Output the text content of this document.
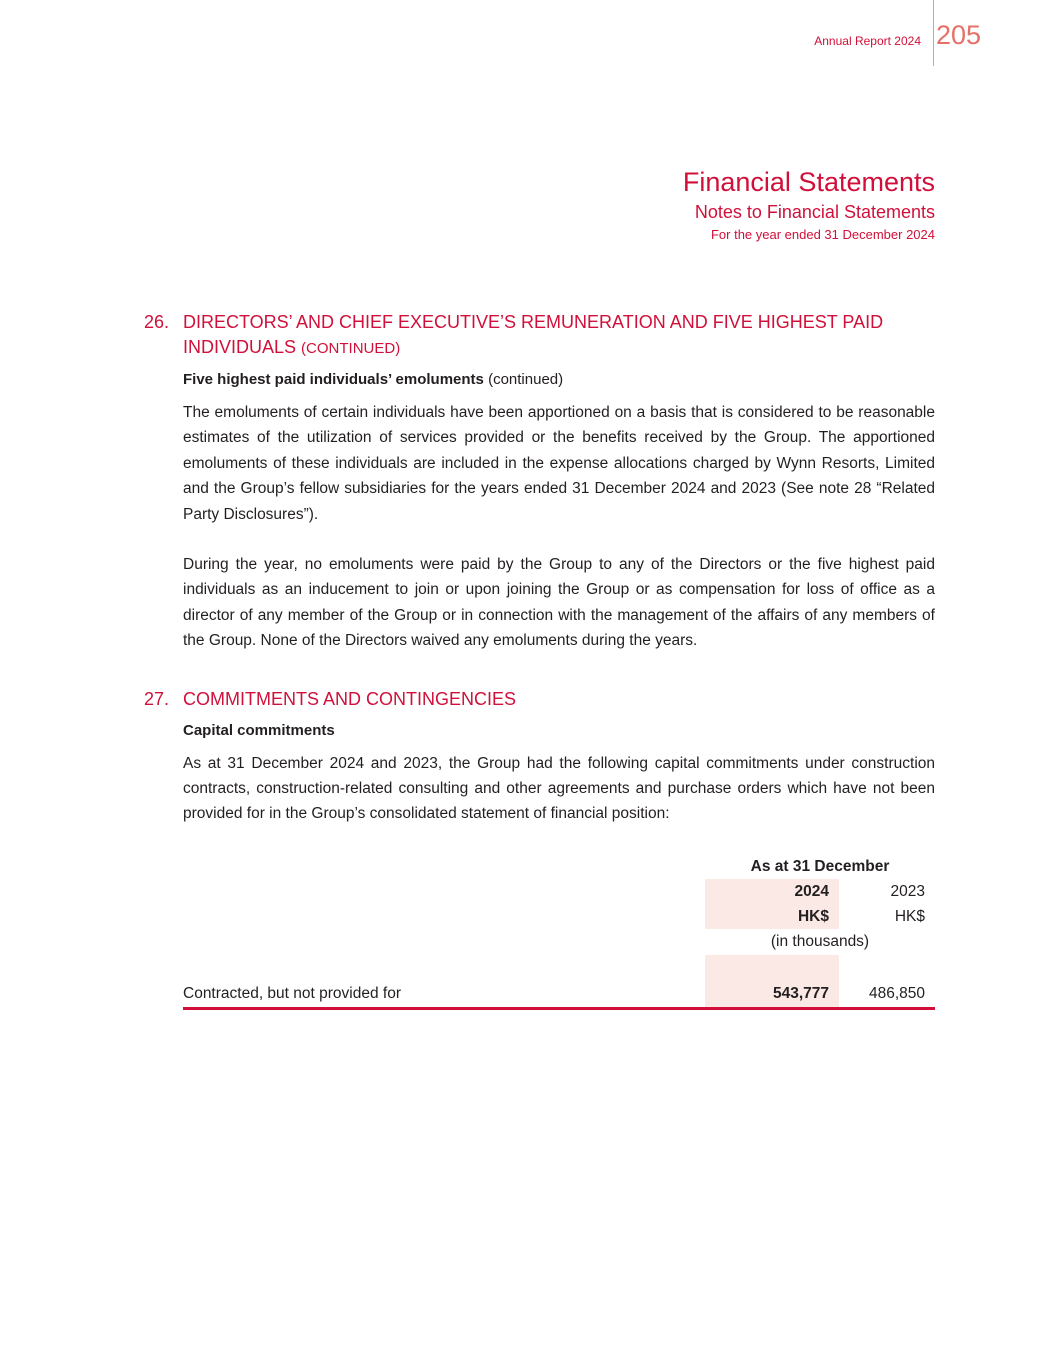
Annual Report 2024 205
Financial Statements
Notes to Financial Statements
For the year ended 31 December 2024
26. DIRECTORS’ AND CHIEF EXECUTIVE’S REMUNERATION AND FIVE HIGHEST PAID INDIVIDUALS (CONTINUED)
Five highest paid individuals’ emoluments (continued)

The emoluments of certain individuals have been apportioned on a basis that is considered to be reasonable estimates of the utilization of services provided or the benefits received by the Group. The apportioned emoluments of these individuals are included in the expense allocations charged by Wynn Resorts, Limited and the Group’s fellow subsidiaries for the years ended 31 December 2024 and 2023 (See note 28 “Related Party Disclosures”).

During the year, no emoluments were paid by the Group to any of the Directors or the five highest paid individuals as an inducement to join or upon joining the Group or as compensation for loss of office as a director of any member of the Group or in connection with the management of the affairs of any members of the Group. None of the Directors waived any emoluments during the years.

27. COMMITMENTS AND CONTINGENCIES
Capital commitments

As at 31 December 2024 and 2023, the Group had the following capital commitments under construction contracts, construction-related consulting and other agreements and purchase orders which have not been provided for in the Group’s consolidated statement of financial position:

As at 31 December
2024	2023
HK$	HK$
(in thousands)
Contracted, but not provided for	543,777	486,850
